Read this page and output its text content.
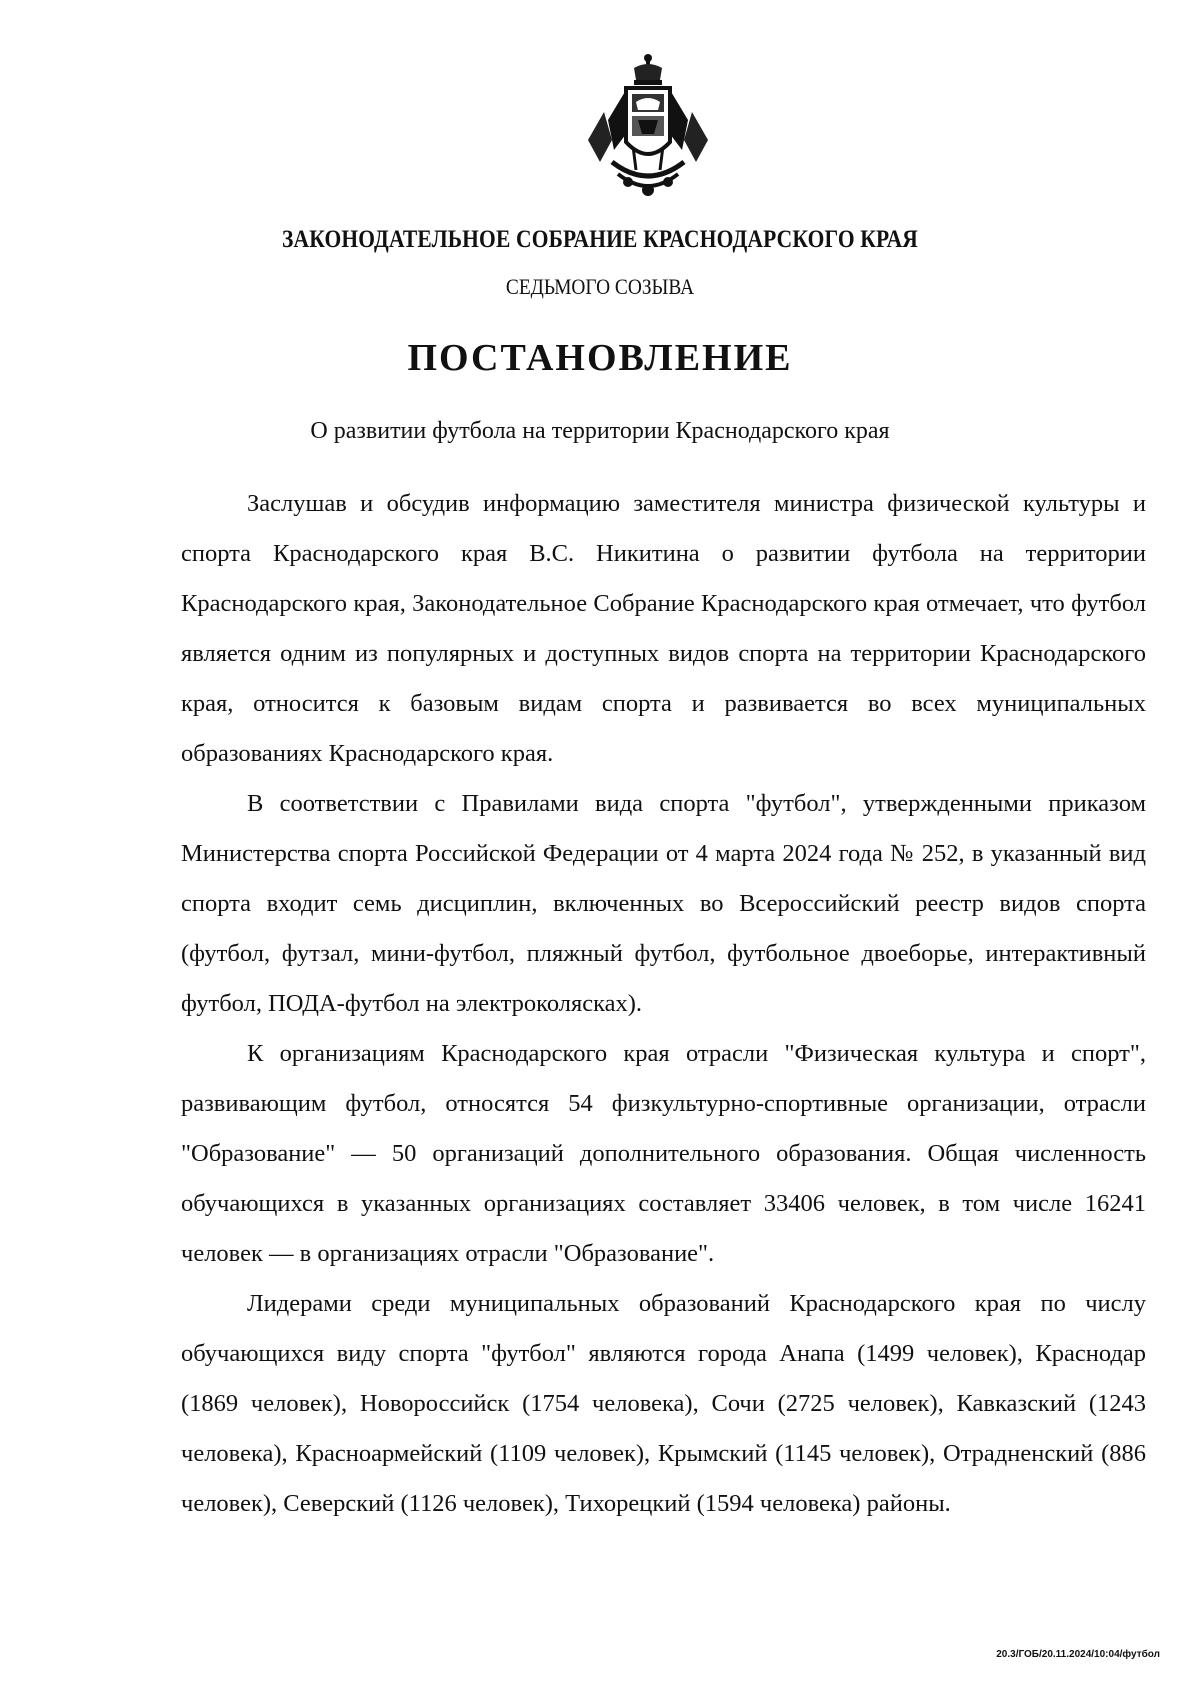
ЗАКОНОДАТЕЛЬНОЕ СОБРАНИЕ КРАСНОДАРСКОГО КРАЯ
СЕДЬМОГО СОЗЫВА
ПОСТАНОВЛЕНИЕ
О развитии футбола на территории Краснодарского края

Заслушав и обсудив информацию заместителя министра физической культуры и спорта Краснодарского края В.С. Никитина о развитии футбола на территории Краснодарского края, Законодательное Собрание Краснодарского края отмечает, что футбол является одним из популярных и доступных видов спорта на территории Краснодарского края, относится к базовым видам спорта и развивается во всех муниципальных образованиях Краснодарского края.

В соответствии с Правилами вида спорта "футбол", утвержденными приказом Министерства спорта Российской Федерации от 4 марта 2024 года № 252, в указанный вид спорта входит семь дисциплин, включенных во Всероссийский реестр видов спорта (футбол, футзал, мини-футбол, пляжный футбол, футбольное двоеборье, интерактивный футбол, ПОДА-футбол на электроколясках).

К организациям Краснодарского края отрасли "Физическая культура и спорт", развивающим футбол, относятся 54 физкультурно-спортивные организации, отрасли "Образование" — 50 организаций дополнительного образования. Общая численность обучающихся в указанных организациях составляет 33406 человек, в том числе 16241 человек — в организациях отрасли "Образование".

Лидерами среди муниципальных образований Краснодарского края по числу обучающихся виду спорта "футбол" являются города Анапа (1499 человек), Краснодар (1869 человек), Новороссийск (1754 человека), Сочи (2725 человек), Кавказский (1243 человека), Красноармейский (1109 человек), Крымский (1145 человек), Отрадненский (886 человек), Северский (1126 человек), Тихорецкий (1594 человека) районы.

20.3/ГОБ/20.11.2024/10:04/футбол
